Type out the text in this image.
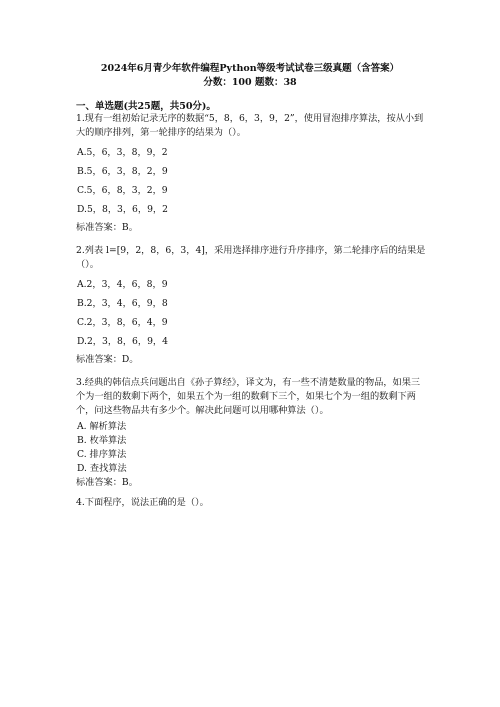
2024年6月青少年软件编程Python等级考试试卷三级真题（含答案）
分数：100 题数：38
一、单选题(共25题，共50分)。
1.现有一组初始记录无序的数据“5，8，6，3，9，2”，使用冒泡排序算法，按从小到大的顺序排列，第一轮排序的结果为（）。
A.5，6，3，8，9，2
B.5，6，3，8，2，9
C.5，6，8，3，2，9
D.5，8，3，6，9，2
标准答案：B。
2.列表 l=[9，2，8，6，3，4]，采用选择排序进行升序排序，第二轮排序后的结果是（）。
A.2，3，4，6，8，9
B.2，3，4，6，9，8
C.2，3，8，6，4，9
D.2，3，8，6，9，4
标准答案：D。
3.经典的韩信点兵问题出自《孙子算经》，译文为，有一些不清楚数量的物品，如果三个为一组的数剩下两个，如果五个为一组的数剩下三个，如果七个为一组的数剩下两个，问这些物品共有多少个。解决此问题可以用哪种算法（）。
A. 解析算法
B. 枚举算法
C. 排序算法
D. 查找算法
标准答案：B。
4.下面程序，说法正确的是（）。
